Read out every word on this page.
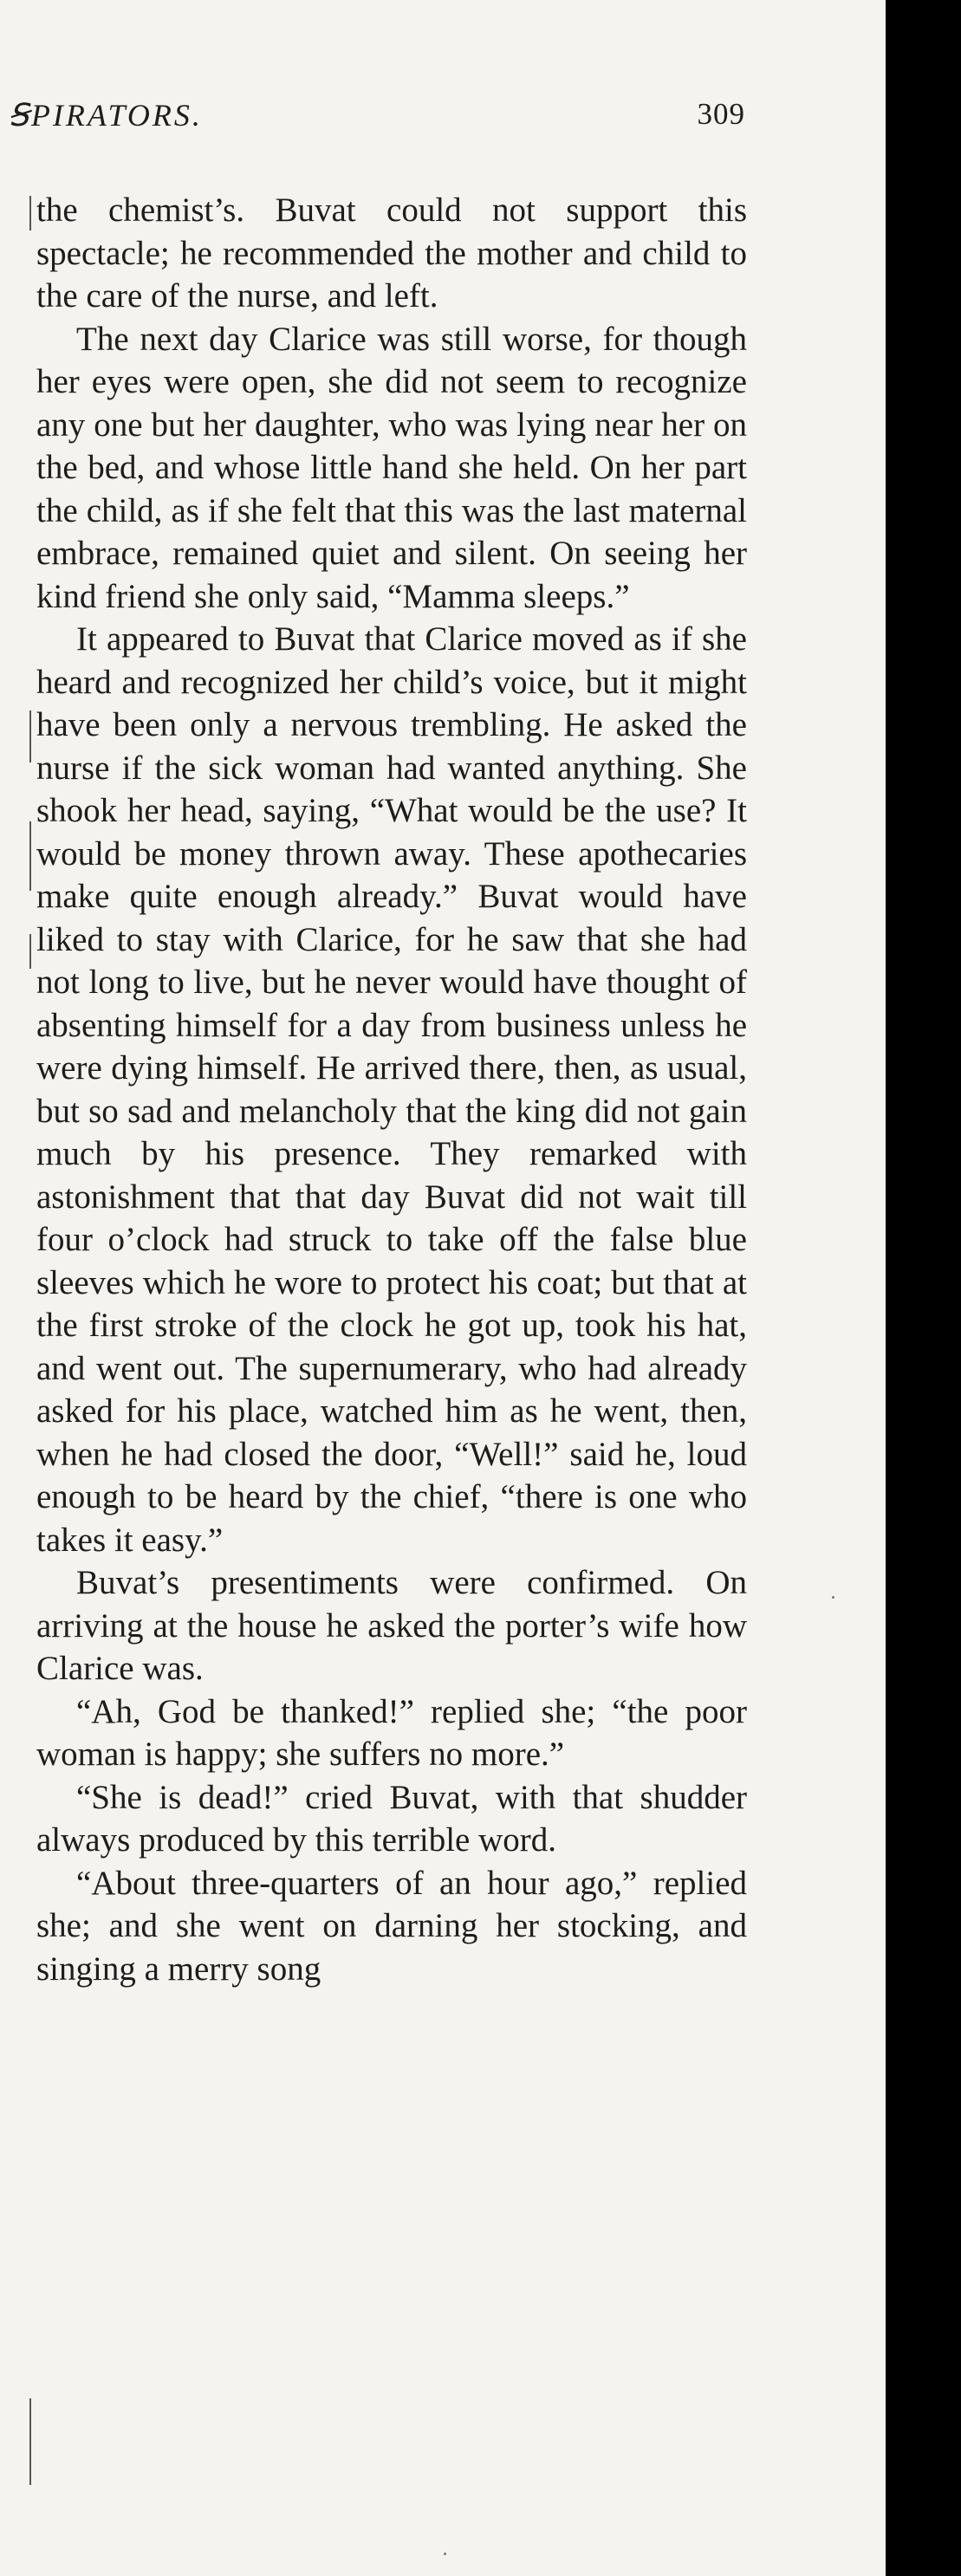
ꞨPIRATORS.	309

the chemist’s. Buvat could not support this spectacle; he recommended the mother and child to the care of the nurse, and left.

The next day Clarice was still worse, for though her eyes were open, she did not seem to recognize any one but her daughter, who was lying near her on the bed, and whose little hand she held. On her part the child, as if she felt that this was the last maternal embrace, remained quiet and silent. On seeing her kind friend she only said, “Mamma sleeps.”

It appeared to Buvat that Clarice moved as if she heard and recognized her child’s voice, but it might have been only a nervous trembling. He asked the nurse if the sick woman had wanted anything. She shook her head, saying, “What would be the use? It would be money thrown away. These apothecaries make quite enough already.” Buvat would have liked to stay with Clarice, for he saw that she had not long to live, but he never would have thought of absenting himself for a day from business unless he were dying himself. He arrived there, then, as usual, but so sad and melancholy that the king did not gain much by his presence. They remarked with astonishment that that day Buvat did not wait till four o’clock had struck to take off the false blue sleeves which he wore to protect his coat; but that at the first stroke of the clock he got up, took his hat, and went out. The supernumerary, who had already asked for his place, watched him as he went, then, when he had closed the door, “Well!” said he, loud enough to be heard by the chief, “there is one who takes it easy.”

Buvat’s presentiments were confirmed. On arriving at the house he asked the porter’s wife how Clarice was.

“Ah, God be thanked!” replied she; “the poor woman is happy; she suffers no more.”

“She is dead!” cried Buvat, with that shudder always produced by this terrible word.

“About three-quarters of an hour ago,” replied she; and she went on darning her stocking, and singing a merry song
